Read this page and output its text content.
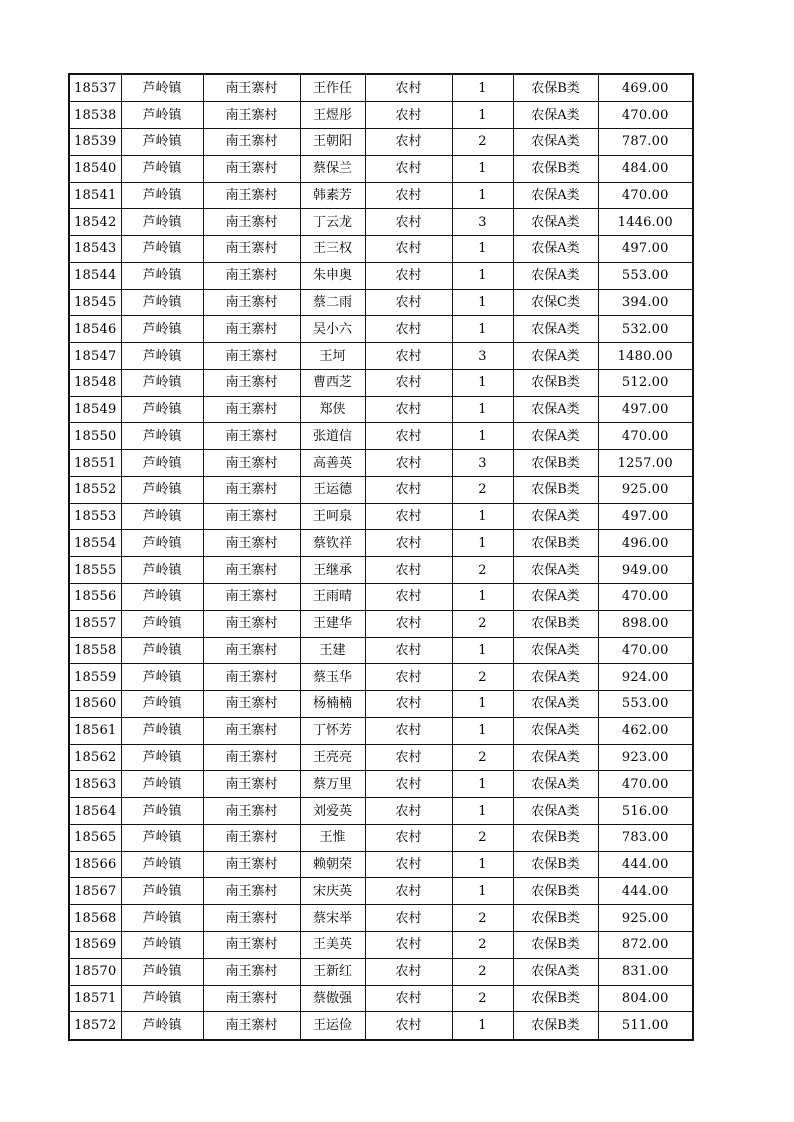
18537	芦岭镇	南王寨村	王作任	农村	1	农保B类	469.00
18538	芦岭镇	南王寨村	王煜彤	农村	1	农保A类	470.00
18539	芦岭镇	南王寨村	王朝阳	农村	2	农保A类	787.00
18540	芦岭镇	南王寨村	蔡保兰	农村	1	农保B类	484.00
18541	芦岭镇	南王寨村	韩素芳	农村	1	农保A类	470.00
18542	芦岭镇	南王寨村	丁云龙	农村	3	农保A类	1446.00
18543	芦岭镇	南王寨村	王三权	农村	1	农保A类	497.00
18544	芦岭镇	南王寨村	朱申奥	农村	1	农保A类	553.00
18545	芦岭镇	南王寨村	蔡二雨	农村	1	农保C类	394.00
18546	芦岭镇	南王寨村	吴小六	农村	1	农保A类	532.00
18547	芦岭镇	南王寨村	王坷	农村	3	农保A类	1480.00
18548	芦岭镇	南王寨村	曹西芝	农村	1	农保B类	512.00
18549	芦岭镇	南王寨村	郑侠	农村	1	农保A类	497.00
18550	芦岭镇	南王寨村	张道信	农村	1	农保A类	470.00
18551	芦岭镇	南王寨村	高善英	农村	3	农保B类	1257.00
18552	芦岭镇	南王寨村	王运德	农村	2	农保B类	925.00
18553	芦岭镇	南王寨村	王呵泉	农村	1	农保A类	497.00
18554	芦岭镇	南王寨村	蔡钦祥	农村	1	农保B类	496.00
18555	芦岭镇	南王寨村	王继承	农村	2	农保A类	949.00
18556	芦岭镇	南王寨村	王雨晴	农村	1	农保A类	470.00
18557	芦岭镇	南王寨村	王建华	农村	2	农保B类	898.00
18558	芦岭镇	南王寨村	王建	农村	1	农保A类	470.00
18559	芦岭镇	南王寨村	蔡玉华	农村	2	农保A类	924.00
18560	芦岭镇	南王寨村	杨楠楠	农村	1	农保A类	553.00
18561	芦岭镇	南王寨村	丁怀芳	农村	1	农保A类	462.00
18562	芦岭镇	南王寨村	王亮亮	农村	2	农保A类	923.00
18563	芦岭镇	南王寨村	蔡万里	农村	1	农保A类	470.00
18564	芦岭镇	南王寨村	刘爱英	农村	1	农保A类	516.00
18565	芦岭镇	南王寨村	王惟	农村	2	农保B类	783.00
18566	芦岭镇	南王寨村	赖朝荣	农村	1	农保B类	444.00
18567	芦岭镇	南王寨村	宋庆英	农村	1	农保B类	444.00
18568	芦岭镇	南王寨村	蔡宋举	农村	2	农保B类	925.00
18569	芦岭镇	南王寨村	王美英	农村	2	农保B类	872.00
18570	芦岭镇	南王寨村	王新红	农村	2	农保A类	831.00
18571	芦岭镇	南王寨村	蔡傲强	农村	2	农保B类	804.00
18572	芦岭镇	南王寨村	王运俭	农村	1	农保B类	511.00
